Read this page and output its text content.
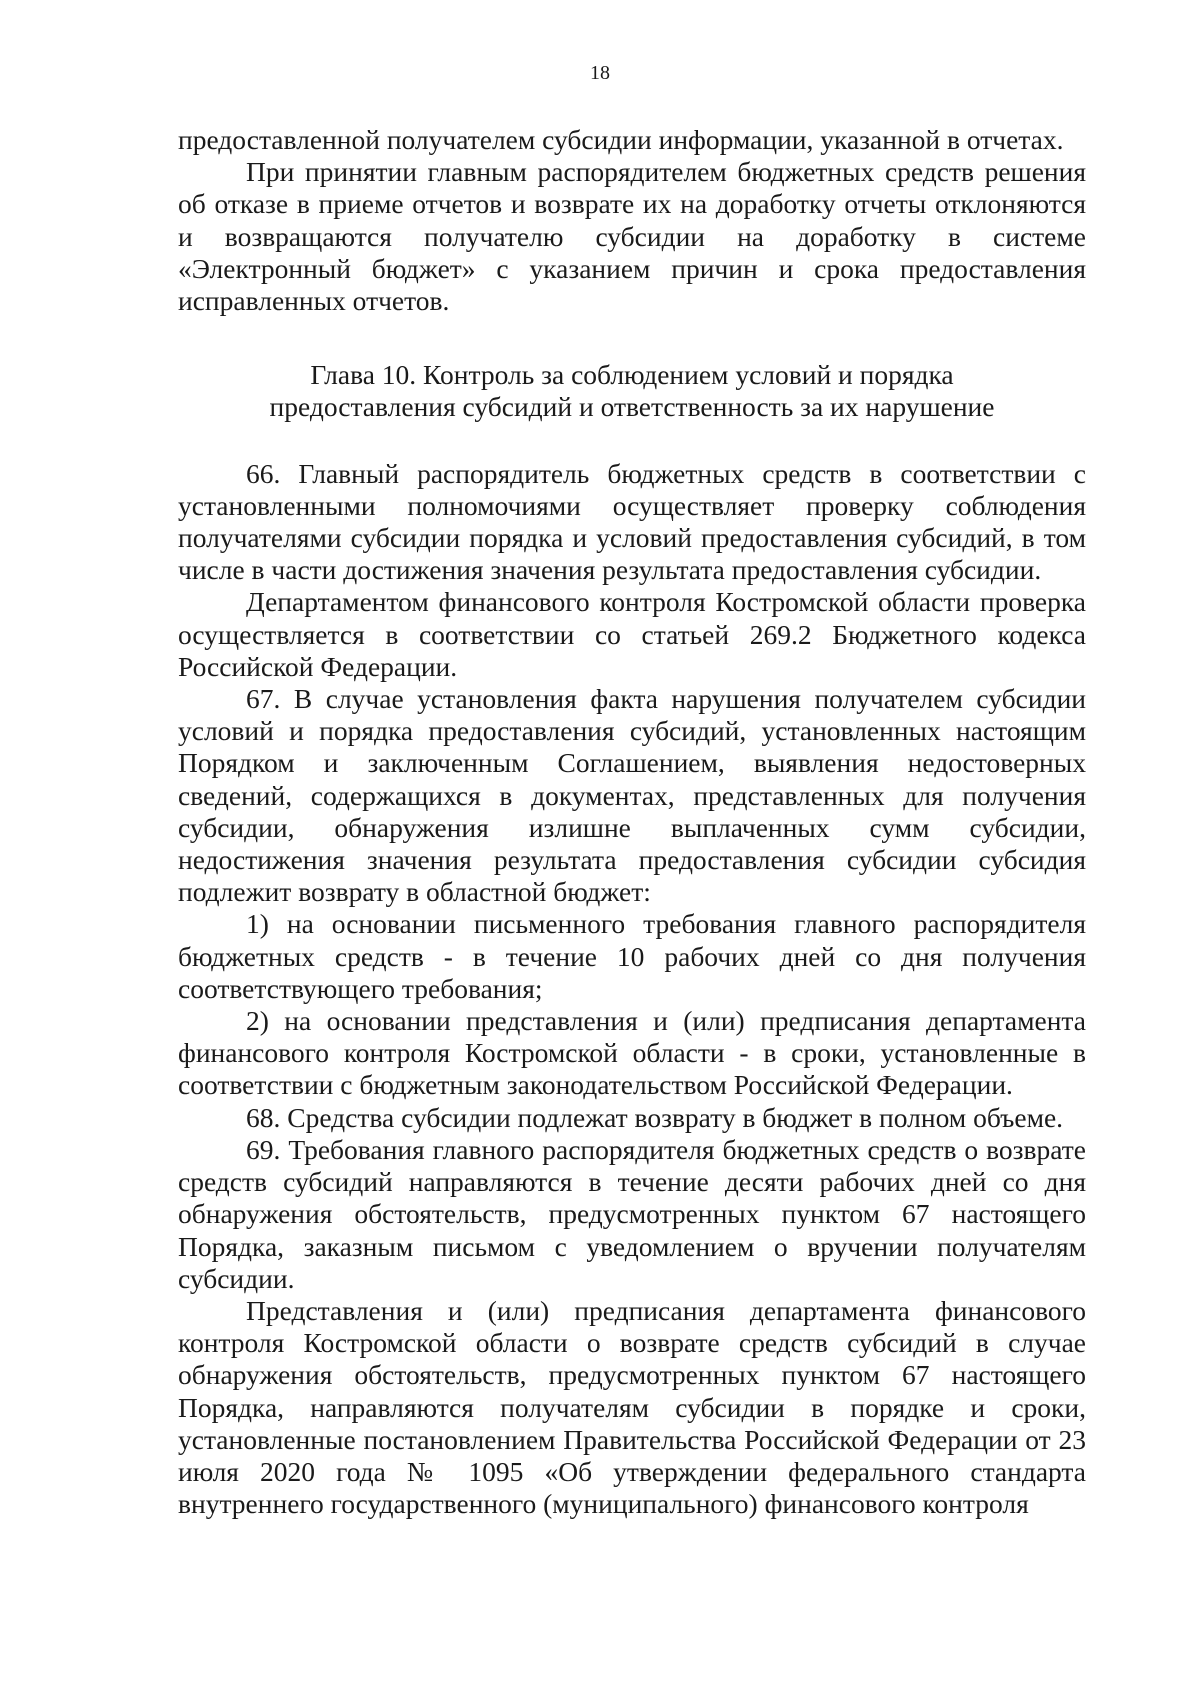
18

предоставленной получателем субсидии информации, указанной в отчетах.

При принятии главным распорядителем бюджетных средств решения об отказе в приеме отчетов и возврате их на доработку отчеты отклоняются и возвращаются получателю субсидии на доработку в системе «Электронный бюджет» с указанием причин и срока предоставления исправленных отчетов.

Глава 10. Контроль за соблюдением условий и порядка
предоставления субсидий и ответственность за их нарушение

66. Главный распорядитель бюджетных средств в соответствии с установленными полномочиями осуществляет проверку соблюдения получателями субсидии порядка и условий предоставления субсидий, в том числе в части достижения значения результата предоставления субсидии.

Департаментом финансового контроля Костромской области проверка осуществляется в соответствии со статьей 269.2 Бюджетного кодекса Российской Федерации.

67. В случае установления факта нарушения получателем субсидии условий и порядка предоставления субсидий, установленных настоящим Порядком и заключенным Соглашением, выявления недостоверных сведений, содержащихся в документах, представленных для получения субсидии, обнаружения излишне выплаченных сумм субсидии, недостижения значения результата предоставления субсидии субсидия подлежит возврату в областной бюджет:

1) на основании письменного требования главного распорядителя бюджетных средств - в течение 10 рабочих дней со дня получения соответствующего требования;

2) на основании представления и (или) предписания департамента финансового контроля Костромской области - в сроки, установленные в соответствии с бюджетным законодательством Российской Федерации.

68. Средства субсидии подлежат возврату в бюджет в полном объеме.

69. Требования главного распорядителя бюджетных средств о возврате средств субсидий направляются в течение десяти рабочих дней со дня обнаружения обстоятельств, предусмотренных пунктом 67 настоящего Порядка, заказным письмом с уведомлением о вручении получателям субсидии.

Представления и (или) предписания департамента финансового контроля Костромской области о возврате средств субсидий в случае обнаружения обстоятельств, предусмотренных пунктом 67 настоящего Порядка, направляются получателям субсидии в порядке и сроки, установленные постановлением Правительства Российской Федерации от 23 июля 2020 года № 1095 «Об утверждении федерального стандарта внутреннего государственного (муниципального) финансового контроля
